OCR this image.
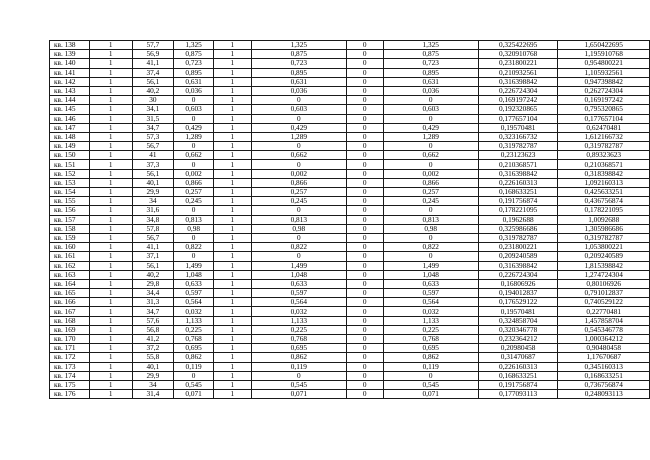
кв. 138	1	57,7	1,325	1	1,325	0	1,325	0,325422695	1,650422695
кв. 139	1	56,9	0,875	1	0,875	0	0,875	0,320910768	1,195910768
кв. 140	1	41,1	0,723	1	0,723	0	0,723	0,231800221	0,954800221
кв. 141	1	37,4	0,895	1	0,895	0	0,895	0,210932561	1,105932561
кв. 142	1	56,1	0,631	1	0,631	0	0,631	0,316398842	0,947398842
кв. 143	1	40,2	0,036	1	0,036	0	0,036	0,226724304	0,262724304
кв. 144	1	30	0	1	0	0	0	0,169197242	0,169197242
кв. 145	1	34,1	0,603	1	0,603	0	0,603	0,192320865	0,795320865
кв. 146	1	31,5	0	1	0	0	0	0,177657104	0,177657104
кв. 147	1	34,7	0,429	1	0,429	0	0,429	0,19570481	0,62470481
кв. 148	1	57,3	1,289	1	1,289	0	1,289	0,323166732	1,612166732
кв. 149	1	56,7	0	1	0	0	0	0,319782787	0,319782787
кв. 150	1	41	0,662	1	0,662	0	0,662	0,23123623	0,89323623
кв. 151	1	37,3	0	1	0	0	0	0,210368571	0,210368571
кв. 152	1	56,1	0,002	1	0,002	0	0,002	0,316398842	0,318398842
кв. 153	1	40,1	0,866	1	0,866	0	0,866	0,226160313	1,092160313
кв. 154	1	29,9	0,257	1	0,257	0	0,257	0,168633251	0,425633251
кв. 155	1	34	0,245	1	0,245	0	0,245	0,191756874	0,436756874
кв. 156	1	31,6	0	1	0	0	0	0,178221095	0,178221095
кв. 157	1	34,8	0,813	1	0,813	0	0,813	0,1962688	1,0092688
кв. 158	1	57,8	0,98	1	0,98	0	0,98	0,325986686	1,305986686
кв. 159	1	56,7	0	1	0	0	0	0,319782787	0,319782787
кв. 160	1	41,1	0,822	1	0,822	0	0,822	0,231800221	1,053800221
кв. 161	1	37,1	0	1	0	0	0	0,209240589	0,209240589
кв. 162	1	56,1	1,499	1	1,499	0	1,499	0,316398842	1,815398842
кв. 163	1	40,2	1,048	1	1,048	0	1,048	0,226724304	1,274724304
кв. 164	1	29,8	0,633	1	0,633	0	0,633	0,16806926	0,80106926
кв. 165	1	34,4	0,597	1	0,597	0	0,597	0,194012837	0,791012837
кв. 166	1	31,3	0,564	1	0,564	0	0,564	0,176529122	0,740529122
кв. 167	1	34,7	0,032	1	0,032	0	0,032	0,19570481	0,22770481
кв. 168	1	57,6	1,133	1	1,133	0	1,133	0,324858704	1,457858704
кв. 169	1	56,8	0,225	1	0,225	0	0,225	0,320346778	0,545346778
кв. 170	1	41,2	0,768	1	0,768	0	0,768	0,232364212	1,000364212
кв. 171	1	37,2	0,695	1	0,695	0	0,695	0,20980458	0,90480458
кв. 172	1	55,8	0,862	1	0,862	0	0,862	0,31470687	1,17670687
кв. 173	1	40,1	0,119	1	0,119	0	0,119	0,226160313	0,345160313
кв. 174	1	29,9	0	1	0	0	0	0,168633251	0,168633251
кв. 175	1	34	0,545	1	0,545	0	0,545	0,191756874	0,736756874
кв. 176	1	31,4	0,071	1	0,071	0	0,071	0,177093113	0,248093113
